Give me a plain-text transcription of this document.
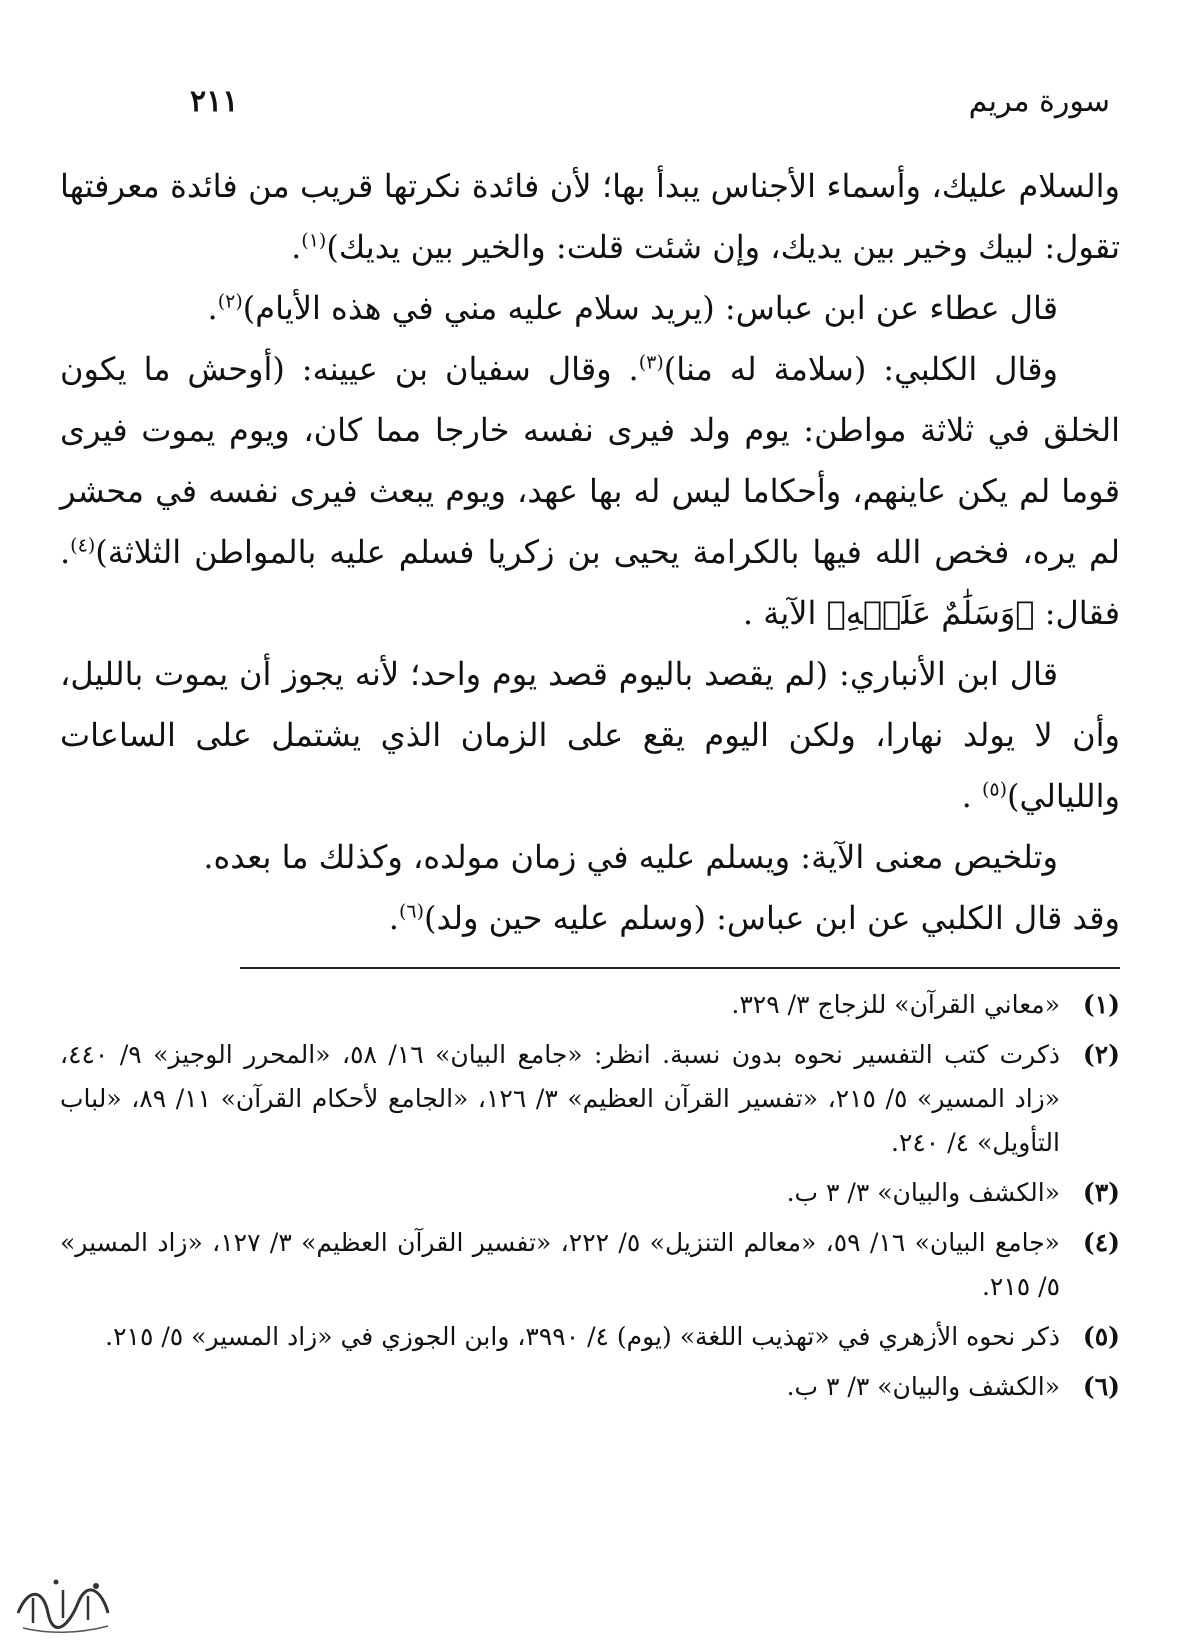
سورة مريم
٢١١

والسلام عليك، وأسماء الأجناس يبدأ بها؛ لأن فائدة نكرتها قريب من فائدة معرفتها تقول: لبيك وخير بين يديك، وإن شئت قلت: والخير بين يديك)$^{(١)}$.

قال عطاء عن ابن عباس: (يريد سلام عليه مني في هذه الأيام)$^{(٢)}$.

وقال الكلبي: (سلامة له منا)$^{(٣)}$. وقال سفيان بن عيينه: (أوحش ما يكون الخلق في ثلاثة مواطن: يوم ولد فيرى نفسه خارجا مما كان، ويوم يموت فيرى قوما لم يكن عاينهم، وأحكاما ليس له بها عهد، ويوم يبعث فيرى نفسه في محشر لم يره، فخص الله فيها بالكرامة يحيى بن زكريا فسلم عليه بالمواطن الثلاثة)$^{(٤)}$. فقال: ﴿وَسَلَٰمٌ عَلَيۡهِ﴾ الآية .

قال ابن الأنباري: (لم يقصد باليوم قصد يوم واحد؛ لأنه يجوز أن يموت بالليل، وأن لا يولد نهارا، ولكن اليوم يقع على الزمان الذي يشتمل على الساعات والليالي)$^{(٥)}$ .

وتلخيص معنى الآية: ويسلم عليه في زمان مولده، وكذلك ما بعده.

وقد قال الكلبي عن ابن عباس: (وسلم عليه حين ولد)$^{(٦)}$.

(١)
«معاني القرآن» للزجاج ٣/ ٣٢٩.
(٢)
ذكرت كتب التفسير نحوه بدون نسبة. انظر: «جامع البيان» ١٦/ ٥٨، «المحرر الوجيز» ٩/ ٤٤٠، «زاد المسير» ٥/ ٢١٥، «تفسير القرآن العظيم» ٣/ ١٢٦، «الجامع لأحكام القرآن» ١١/ ٨٩، «لباب التأويل» ٤/ ٢٤٠.
(٣)
«الكشف والبيان» ٣/ ٣ ب.
(٤)
«جامع البيان» ١٦/ ٥٩، «معالم التنزيل» ٥/ ٢٢٢، «تفسير القرآن العظيم» ٣/ ١٢٧، «زاد المسير» ٥/ ٢١٥.
(٥)
ذكر نحوه الأزهري في «تهذيب اللغة» (يوم) ٤/ ٣٩٩٠، وابن الجوزي في «زاد المسير» ٥/ ٢١٥.
(٦)
«الكشف والبيان» ٣/ ٣ ب.
